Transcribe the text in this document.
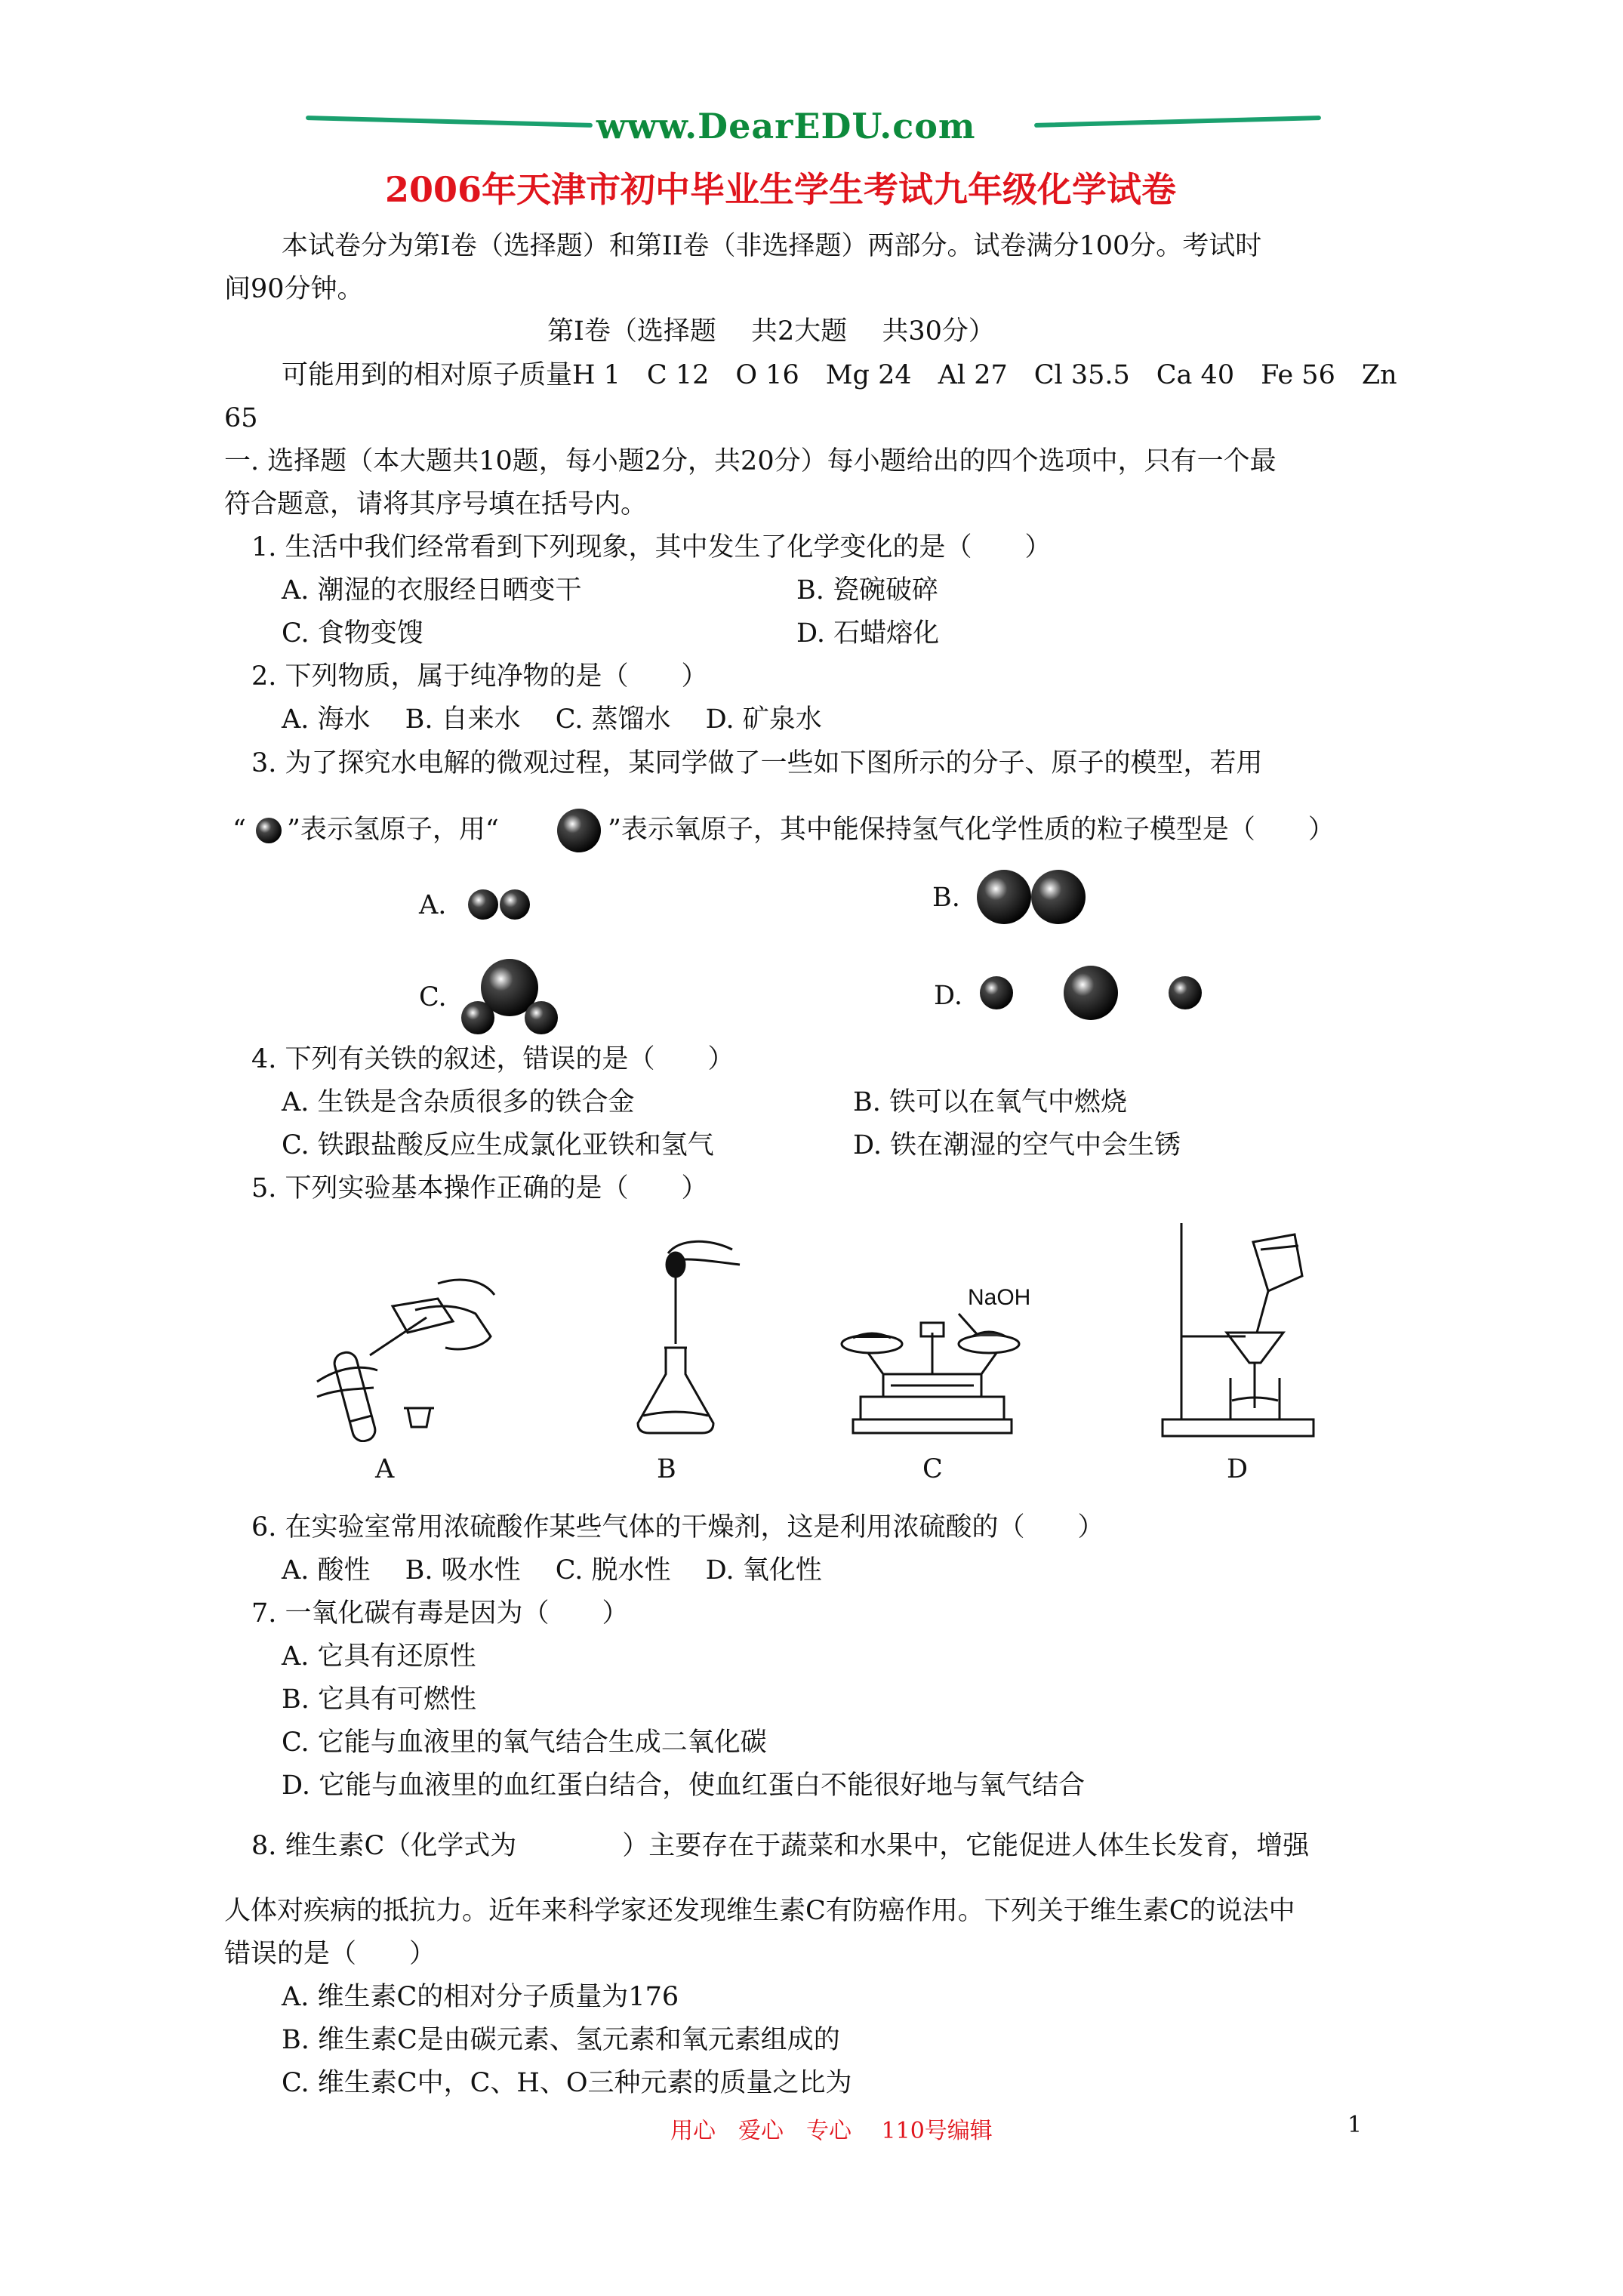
www.DearEDU.com
2006年天津市初中毕业生学生考试九年级化学试卷
本试卷分为第Ⅰ卷（选择题）和第II卷（非选择题）两部分。试卷满分100分。考试时
间90分钟。
第Ⅰ卷（选择题　 共2大题　 共30分）
可能用到的相对原子质量H 1　C 12　O 16　Mg 24　Al 27　Cl 35.5　Ca 40　Fe 56　Zn
65
一. 选择题（本大题共10题，每小题2分，共20分）每小题给出的四个选项中，只有一个最
符合题意，请将其序号填在括号内。
1. 生活中我们经常看到下列现象，其中发生了化学变化的是（　　）
A. 潮湿的衣服经日晒变干	B. 瓷碗破碎
C. 食物变馊	D. 石蜡熔化
2. 下列物质，属于纯净物的是（　　）
A. 海水　 B. 自来水　 C. 蒸馏水　 D. 矿泉水
3. 为了探究水电解的微观过程，某同学做了一些如下图所示的分子、原子的模型，若用
“ ”表示氢原子，用“	”表示氧原子，其中能保持氢气化学性质的粒子模型是（　　）
A.	B.
C.	D.
4. 下列有关铁的叙述，错误的是（　　）
A. 生铁是含杂质很多的铁合金	B. 铁可以在氧气中燃烧
C. 铁跟盐酸反应生成氯化亚铁和氢气	D. 铁在潮湿的空气中会生锈
5. 下列实验基本操作正确的是（　　）
A	B
NaOH
C	D
6. 在实验室常用浓硫酸作某些气体的干燥剂，这是利用浓硫酸的（　　）
A. 酸性　 B. 吸水性　 C. 脱水性　 D. 氧化性
7. 一氧化碳有毒是因为（　　）
A. 它具有还原性
B. 它具有可燃性
C. 它能与血液里的氧气结合生成二氧化碳
D. 它能与血液里的血红蛋白结合，使血红蛋白不能很好地与氧气结合
8. 维生素C（化学式为　　　　）主要存在于蔬菜和水果中，它能促进人体生长发育，增强
人体对疾病的抵抗力。近年来科学家还发现维生素C有防癌作用。下列关于维生素C的说法中
错误的是（　　）
A. 维生素C的相对分子质量为176
B. 维生素C是由碳元素、氢元素和氧元素组成的
C. 维生素C中，C、H、O三种元素的质量之比为
用心　爱心　专心　 110号编辑	1
